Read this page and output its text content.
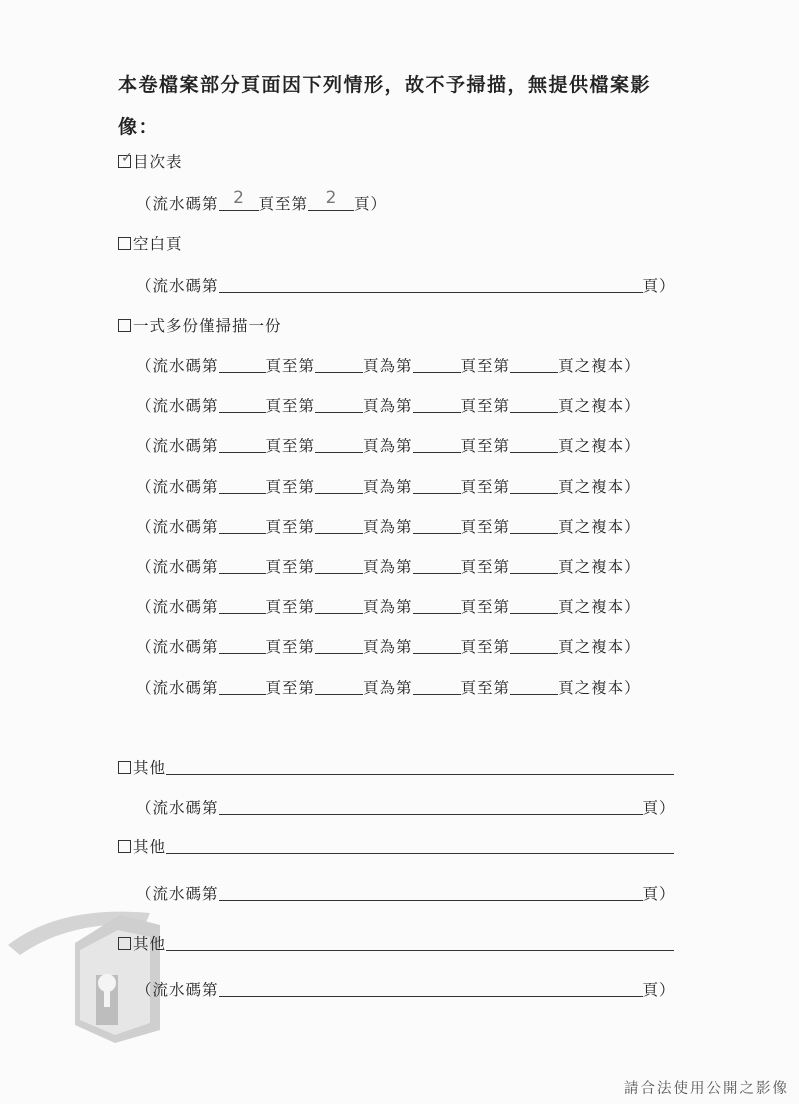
本卷檔案部分頁面因下列情形，故不予掃描，無提供檔案影
像：
✓ 目次表
（流水碼第 2 頁至第	2	頁）
空白頁
（流水碼第	頁）
一式多份僅掃描一份
（流水碼第	頁至第	頁為第	頁至第	頁之複本）
（流水碼第	頁至第	頁為第	頁至第	頁之複本）
（流水碼第	頁至第	頁為第	頁至第	頁之複本）
（流水碼第	頁至第	頁為第	頁至第	頁之複本）
（流水碼第	頁至第	頁為第	頁至第	頁之複本）
（流水碼第	頁至第	頁為第	頁至第	頁之複本）
（流水碼第	頁至第	頁為第	頁至第	頁之複本）
（流水碼第	頁至第	頁為第	頁至第	頁之複本）
（流水碼第	頁至第	頁為第	頁至第	頁之複本）
其他
（流水碼第	頁）
其他
（流水碼第	頁）
其他
（流水碼第	頁）
請合法使用公開之影像
